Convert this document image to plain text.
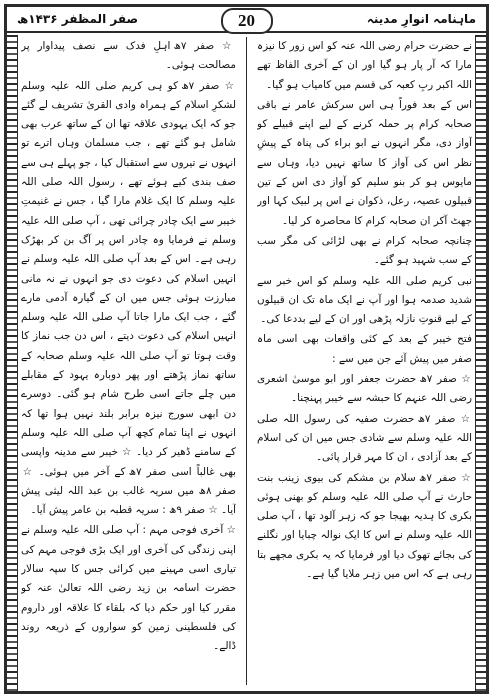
ماہنامہ انوارِ مدینہ
صفر المظفر ۱۴۳۶ھ	20

نے حضرت حرام رضی اللہ عنہ کو اس زور کا نیزہ مارا کہ آر پار ہو گیا اور ان کے آخری الفاظ تھے اللہ اکبر ربِ کعبہ کی قسم میں کامیاب ہو گیا۔

اس کے بعد فوراً ہی اس سرکش عامر نے باقی صحابہ کرام پر حملہ کرنے کے لیے اپنے قبیلے کو آواز دی، مگر انہوں نے ابو براء کی پناہ کے پیشِ نظر اس کی آواز کا ساتھ نہیں دیا، وہاں سے مایوس ہو کر بنو سلیم کو آواز دی اس کے تین قبیلوں عصیہ، رعل، ذکوان نے اس پر لبیک کہا اور جھٹ آکر ان صحابہ کرام کا محاصرہ کر لیا۔

چنانچہ صحابہ کرام نے بھی لڑائی کی مگر سب کے سب شہید ہو گئے۔

نبی کریم صلی اللہ علیہ وسلم کو اس خبر سے شدید صدمہ ہوا اور آپ نے ایک ماہ تک ان قبیلوں کے لیے قنوتِ نازلہ پڑھی اور ان کے لیے بددعا کی۔

فتح خیبر کے بعد کے کئی واقعات بھی اسی ماہ صفر میں پیش آئے جن میں سے :

☆ صفر ۷ھ حضرت جعفر اور ابو موسیٰ اشعری رضی اللہ عنہم کا حبشہ سے خیبر پہنچنا۔

☆ صفر ۷ھ حضرت صفیہ کی رسول اللہ صلی اللہ علیہ وسلم سے شادی جس میں ان کی اسلام کے بعد آزادی ، ان کا مہر قرار پائی۔

☆ صفر ۷ھ سلام بن مشکم کی بیوی زینب بنت حارث نے آپ صلی اللہ علیہ وسلم کو بھنی ہوئی بکری کا ہدیہ بھیجا جو کہ زہر آلود تھا ، آپ صلی اللہ علیہ وسلم نے اس کا ایک نوالہ چبایا اور نگلنے کی بجائے تھوک دیا اور فرمایا کہ یہ بکری مجھے بتا رہی ہے کہ اس میں زہر ملایا گیا ہے۔

☆ صفر ۷ھ اہلِ فدک سے نصف پیداوار پر مصالحت ہوئی۔

☆ صفر ۷ھ کو ہی کریم صلی اللہ علیہ وسلم لشکرِ اسلام کے ہمراہ وادی القریٰ تشریف لے گئے جو کہ ایک یہودی علاقہ تھا ان کے ساتھ عرب بھی شامل ہو گئے تھے ، جب مسلمان وہاں اترے تو انہوں نے تیروں سے استقبال کیا ، جو پہلے ہی سے صف بندی کیے ہوئے تھے ، رسول اللہ صلی اللہ علیہ وسلم کا ایک غلام مارا گیا ، جس نے غنیمتِ خیبر سے ایک چادر چرائی تھی ، آپ صلی اللہ علیہ وسلم نے فرمایا وہ چادر اس پر آگ بن کر بھڑک رہی ہے۔ اس کے بعد آپ صلی اللہ علیہ وسلم نے انہیں اسلام کی دعوت دی جو انہوں نے نہ مانی مبارزت ہوئی جس میں ان کے گیارہ آدمی مارے گئے ، جب ایک مارا جاتا آپ صلی اللہ علیہ وسلم انہیں اسلام کی دعوت دیتے ، اس دن جب نماز کا وقت ہوتا تو آپ صلی اللہ علیہ وسلم صحابہ کے ساتھ نماز پڑھتے اور پھر دوبارہ یہود کے مقابلے میں چلے جاتے اسی طرح شام ہو گئی۔ دوسرے دن ابھی سورج نیزہ برابر بلند نہیں ہوا تھا کہ انہوں نے اپنا تمام کچھ آپ صلی اللہ علیہ وسلم کے سامنے ڈھیر کر دیا۔ ☆ خیبر سے مدینہ واپسی بھی غالباً اسی صفر ۷ھ کے آخر میں ہوئی۔ ☆ صفر ۸ھ میں سریہ غالب بن عبد اللہ لیثی پیش آیا۔ ☆ صفر ۹ھ : سریہ قطبہ بن عامر پیش آیا۔

☆ آخری فوجی مہم : آپ صلی اللہ علیہ وسلم نے اپنی زندگی کی آخری اور ایک بڑی فوجی مہم کی تیاری اسی مہینے میں کرائی جس کا سپہ سالار حضرت اسامہ بن زید رضی اللہ تعالیٰ عنہ کو مقرر کیا اور حکم دیا کہ بلقاء کا علاقہ اور داروم کی فلسطینی زمین کو سواروں کے ذریعہ روند ڈالے۔
